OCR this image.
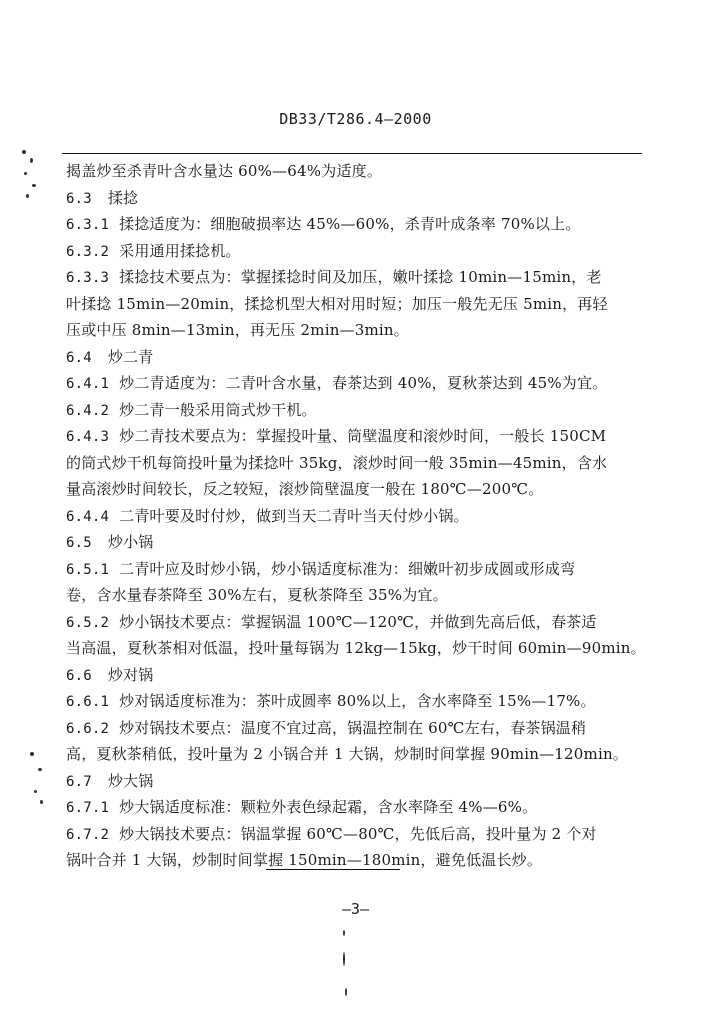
DB33/T286.4—2000
揭盖炒至杀青叶含水量达 60%—64%为适度。
6.3 揉捻
6.3.1 揉捻适度为：细胞破损率达 45%—60%，杀青叶成条率 70%以上。
6.3.2 采用通用揉捻机。
6.3.3 揉捻技术要点为：掌握揉捻时间及加压，嫩叶揉捻 10min—15min，老
叶揉捻 15min—20min，揉捻机型大相对用时短；加压一般先无压 5min，再轻
压或中压 8min—13min，再无压 2min—3min。
6.4 炒二青
6.4.1 炒二青适度为：二青叶含水量，春茶达到 40%，夏秋茶达到 45%为宜。
6.4.2 炒二青一般采用筒式炒干机。
6.4.3 炒二青技术要点为：掌握投叶量、筒壁温度和滚炒时间，一般长 150CM
的筒式炒干机每筒投叶量为揉捻叶 35kg，滚炒时间一般 35min—45min，含水
量高滚炒时间较长，反之较短，滚炒筒壁温度一般在 180℃—200℃。
6.4.4 二青叶要及时付炒，做到当天二青叶当天付炒小锅。
6.5 炒小锅
6.5.1 二青叶应及时炒小锅，炒小锅适度标准为：细嫩叶初步成圆或形成弯
卷，含水量春茶降至 30%左右，夏秋茶降至 35%为宜。
6.5.2 炒小锅技术要点：掌握锅温 100℃—120℃，并做到先高后低，春茶适
当高温，夏秋茶相对低温，投叶量每锅为 12kg—15kg，炒干时间 60min—90min。
6.6 炒对锅
6.6.1 炒对锅适度标准为：茶叶成圆率 80%以上，含水率降至 15%—17%。
6.6.2 炒对锅技术要点：温度不宜过高，锅温控制在 60℃左右，春茶锅温稍
高，夏秋茶稍低，投叶量为 2 小锅合并 1 大锅，炒制时间掌握 90min—120min。
6.7 炒大锅
6.7.1 炒大锅适度标准：颗粒外表色绿起霜，含水率降至 4%—6%。
6.7.2 炒大锅技术要点：锅温掌握 60℃—80℃，先低后高，投叶量为 2 个对
锅叶合并 1 大锅，炒制时间掌握 150min—180min，避免低温长炒。
—3—
